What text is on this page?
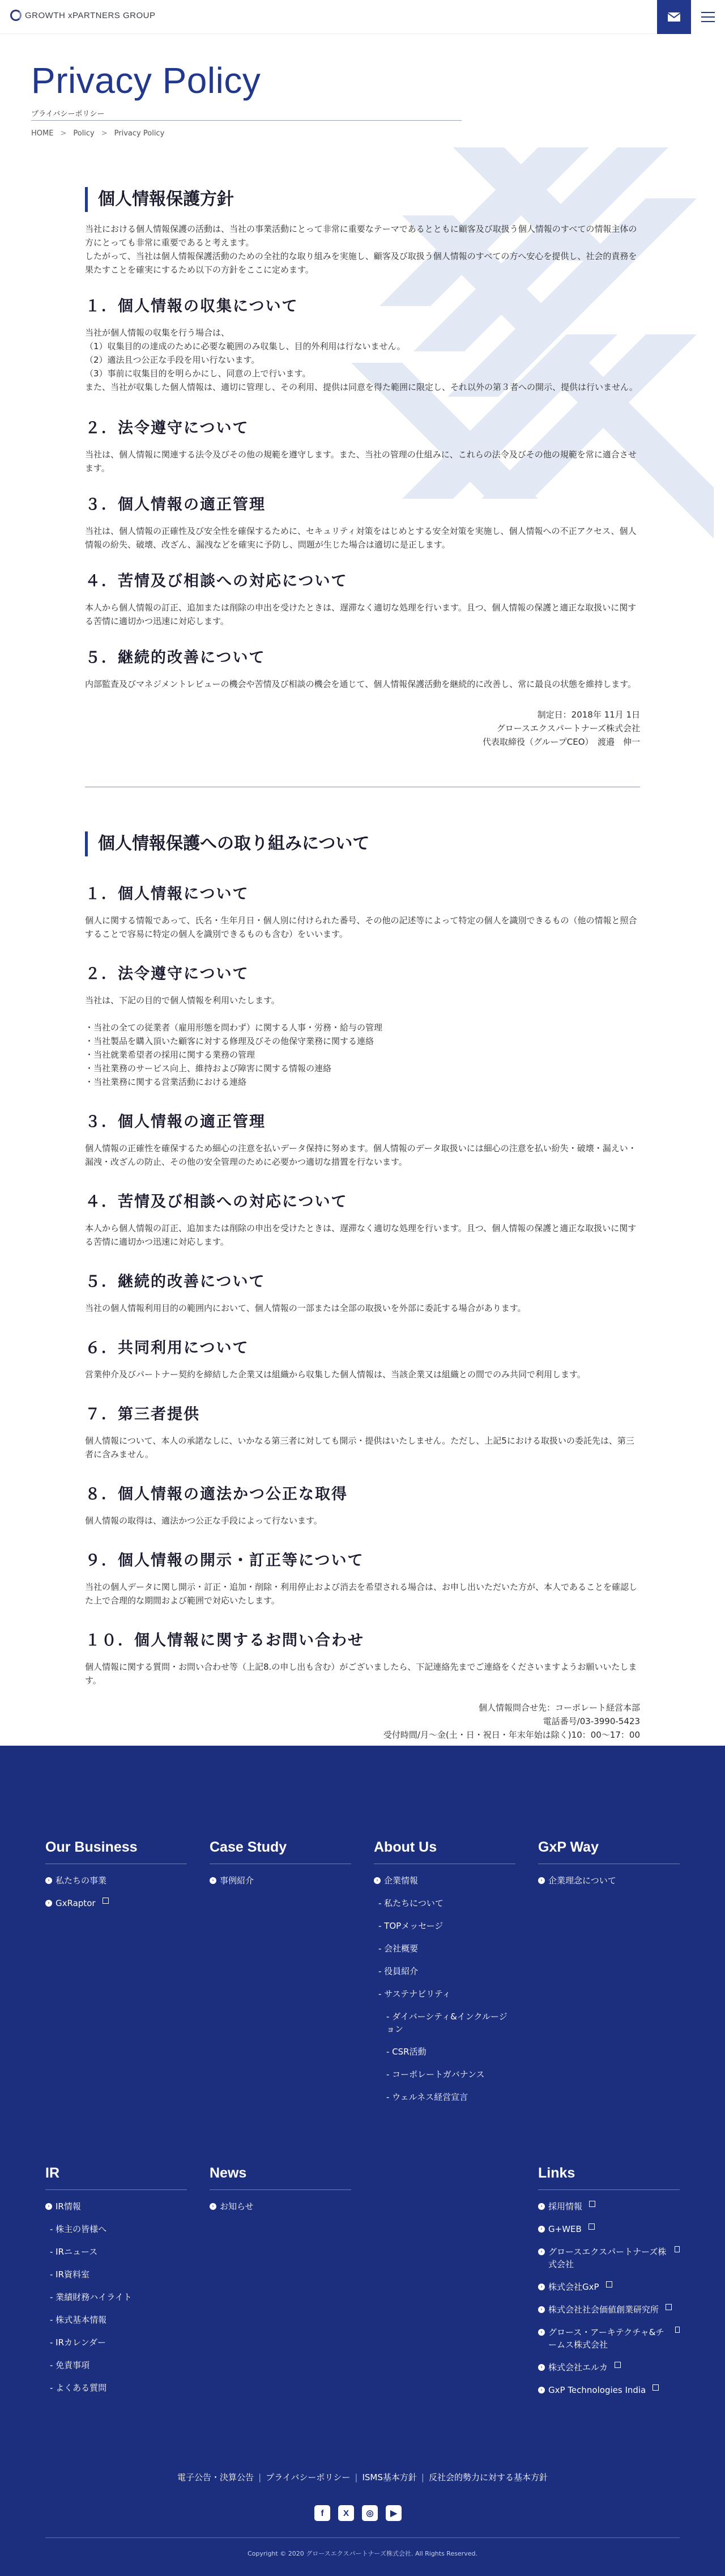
GROWTH xPARTNERS GROUP
Privacy Policy
プライバシーポリシー
HOME > Policy > Privacy Policy
個人情報保護方針

当社における個人情報保護の活動は、当社の事業活動にとって非常に重要なテーマであるとともに顧客及び取扱う個人情報のすべての情報主体の方にとっても非常に重要であると考えます。

したがって、当社は個人情報保護活動のための全社的な取り組みを実施し、顧客及び取扱う個人情報のすべての方へ安心を提供し、社会的責務を果たすことを確実にするため以下の方針をここに定めます。

１．個人情報の収集について

当社が個人情報の収集を行う場合は、

（1）収集目的の達成のために必要な範囲のみ収集し、目的外利用は行ないません。

（2）適法且つ公正な手段を用い行ないます。

（3）事前に収集目的を明らかにし、同意の上で行います。

また、当社が収集した個人情報は、適切に管理し、その利用、提供は同意を得た範囲に限定し、それ以外の第３者への開示、提供は行いません。

２．法令遵守について

当社は、個人情報に関連する法令及びその他の規範を遵守します。また、当社の管理の仕組みに、これらの法令及びその他の規範を常に適合させます。

３．個人情報の適正管理

当社は、個人情報の正確性及び安全性を確保するために、セキュリティ対策をはじめとする安全対策を実施し、個人情報への不正アクセス、個人情報の紛失、破壊、改ざん、漏洩などを確実に予防し、問題が生じた場合は適切に是正します。

４．苦情及び相談への対応について

本人から個人情報の訂正、追加または削除の申出を受けたときは、遅滞なく適切な処理を行います。且つ、個人情報の保護と適正な取扱いに関する苦情に適切かつ迅速に対応します。

５．継続的改善について

内部監査及びマネジメントレビューの機会や苦情及び相談の機会を通じて、個人情報保護活動を継続的に改善し、常に最良の状態を維持します。

制定日：2018年 11月 1日

グロースエクスパートナーズ株式会社

代表取締役（グループCEO）　渡邉　伸一

個人情報保護への取り組みについて
１．個人情報について

個人に関する情報であって、氏名・生年月日・個人別に付けられた番号、その他の記述等によって特定の個人を識別できるもの（他の情報と照合することで容易に特定の個人を識別できるものも含む）をいいます。

２．法令遵守について

当社は、下記の目的で個人情報を利用いたします。

・当社の全ての従業者（雇用形態を問わず）に関する人事・労務・給与の管理

・当社製品を購入頂いた顧客に対する修理及びその他保守業務に関する連絡

・当社就業希望者の採用に関する業務の管理

・当社業務のサービス向上、維持および障害に関する情報の連絡

・当社業務に関する営業活動における連絡

３．個人情報の適正管理

個人情報の正確性を確保するため細心の注意を払いデータ保持に努めます。個人情報のデータ取扱いには細心の注意を払い紛失・破壊・漏えい・漏洩・改ざんの防止、その他の安全管理のために必要かつ適切な措置を行ないます。

４．苦情及び相談への対応について

本人から個人情報の訂正、追加または削除の申出を受けたときは、遅滞なく適切な処理を行います。且つ、個人情報の保護と適正な取扱いに関する苦情に適切かつ迅速に対応します。

５．継続的改善について

当社の個人情報利用目的の範囲内において、個人情報の一部または全部の取扱いを外部に委託する場合があります。

６．共同利用について

営業仲介及びパートナー契約を締結した企業又は組織から収集した個人情報は、当該企業又は組織との間でのみ共同で利用します。

７．第三者提供

個人情報について、本人の承諾なしに、いかなる第三者に対しても開示・提供はいたしません。ただし、上記5における取扱いの委託先は、第三者に含みません。

８．個人情報の適法かつ公正な取得

個人情報の取得は、適法かつ公正な手段によって行ないます。

９．個人情報の開示・訂正等について

当社の個人データに関し開示・訂正・追加・削除・利用停止および消去を希望される場合は、お申し出いただいた方が、本人であることを確認した上で合理的な期間および範囲で対応いたします。

１０．個人情報に関するお問い合わせ

個人情報に関する質問・お問い合わせ等（上記8.の申し出も含む）がございましたら、下記連絡先までご連絡をくださいますようお願いいたします。

個人情報問合せ先：コーポレート経営本部

電話番号/03-3990-5423

受付時間/月〜金(土・日・祝日・年末年始は除く)10：00〜17：00

Our Business
› 私たちの事業
› GxRaptor
Case Study
› 事例紹介
About Us
› 企業情報
- 私たちについて
- TOPメッセージ
- 会社概要
- 役員紹介
- サステナビリティ
- ダイバーシティ&インクルージョン
- CSR活動
- コーポレートガバナンス
- ウェルネス経営宣言
GxP Way
› 企業理念について
IR
› IR情報
- 株主の皆様へ
- IRニュース
- IR資料室
- 業績財務ハイライト
- 株式基本情報
- IRカレンダー
- 免責事項
- よくある質問
News
› お知らせ
Links
› 採用情報
› G+WEB
› グロースエクスパートナーズ株式会社
› 株式会社GxP
› 株式会社社会価値創業研究所
› グロース・アーキテクチャ&チームス株式会社
› 株式会社エルカ
› GxP Technologies India
電子公告・決算公告 | プライバシーポリシー | ISMS基本方針 | 反社会的勢力に対する基本方針
f	X	◎	▶
Copyright © 2020 グロースエクスパートナーズ株式会社. All Rights Reserved.
